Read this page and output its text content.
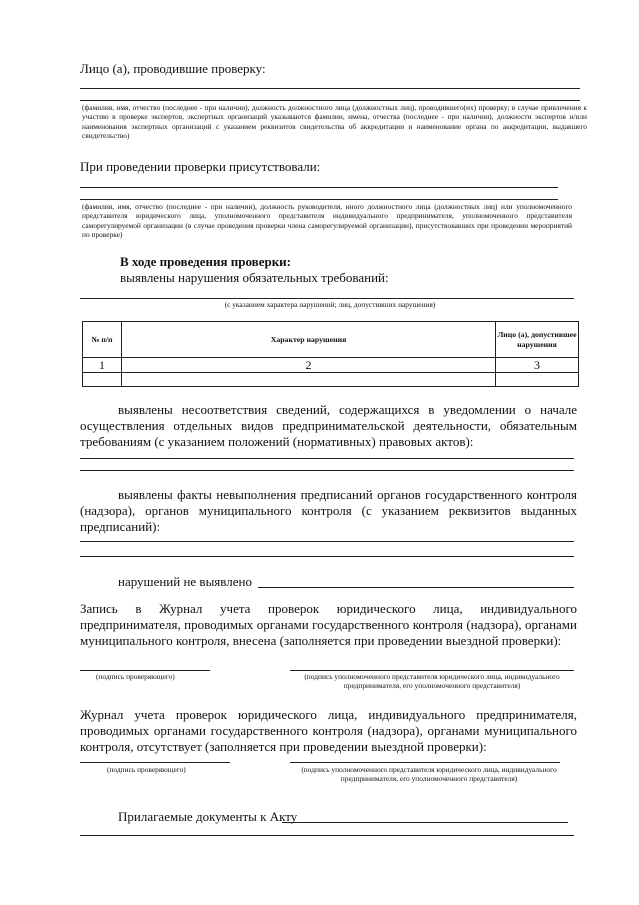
Лицо (а), проводившие проверку:
(фамилия, имя, отчество (последнее - при наличии), должность должностного лица (должностных лиц), проводившего(их) проверку; в случае привлечения к участию в проверке экспертов, экспертных организаций указываются фамилии, имена, отчества (последнее - при наличии), должности экспертов и/или наименования экспертных организаций с указанием реквизитов свидетельства об аккредитации и наименование органа по аккредитации, выдавшего свидетельство)
При проведении проверки присутствовали:
(фамилия, имя, отчество (последнее - при наличии), должность руководителя, иного должностного лица (должностных лиц) или уполномоченного представителя юридического лица, уполномоченного представителя индивидуального предпринимателя, уполномоченного представителя саморегулируемой организации (в случае проведения проверки члена саморегулируемой организации), присутствовавших при проведении мероприятий по проверке)
В ходе проведения проверки:
выявлены нарушения обязательных требований:
(с указанием характера нарушений; лиц, допустивших нарушения)
№ п/п	Характер нарушения	Лицо (а), допустившее нарушения
1	2	3

выявлены несоответствия сведений, содержащихся в уведомлении о начале осуществления отдельных видов предпринимательской деятельности, обязательным требованиям (с указанием положений (нормативных) правовых актов):
выявлены факты невыполнения предписаний органов государственного контроля (надзора), органов муниципального контроля (с указанием реквизитов выданных предписаний):
нарушений не выявлено
Запись в Журнал учета проверок юридического лица, индивидуального предпринимателя, проводимых органами государственного контроля (надзора), органами муниципального контроля, внесена (заполняется при проведении выездной проверки):
(подпись проверяющего)	(подпись уполномоченного представителя юридического лица, индивидуального предпринимателя, его уполномоченного представителя)
Журнал учета проверок юридического лица, индивидуального предпринимателя, проводимых органами государственного контроля (надзора), органами муниципального контроля, отсутствует (заполняется при проведении выездной проверки):
(подпись проверяющего)	(подпись уполномоченного представителя юридического лица, индивидуального предпринимателя, его уполномоченного представителя)
Прилагаемые документы к Акту
